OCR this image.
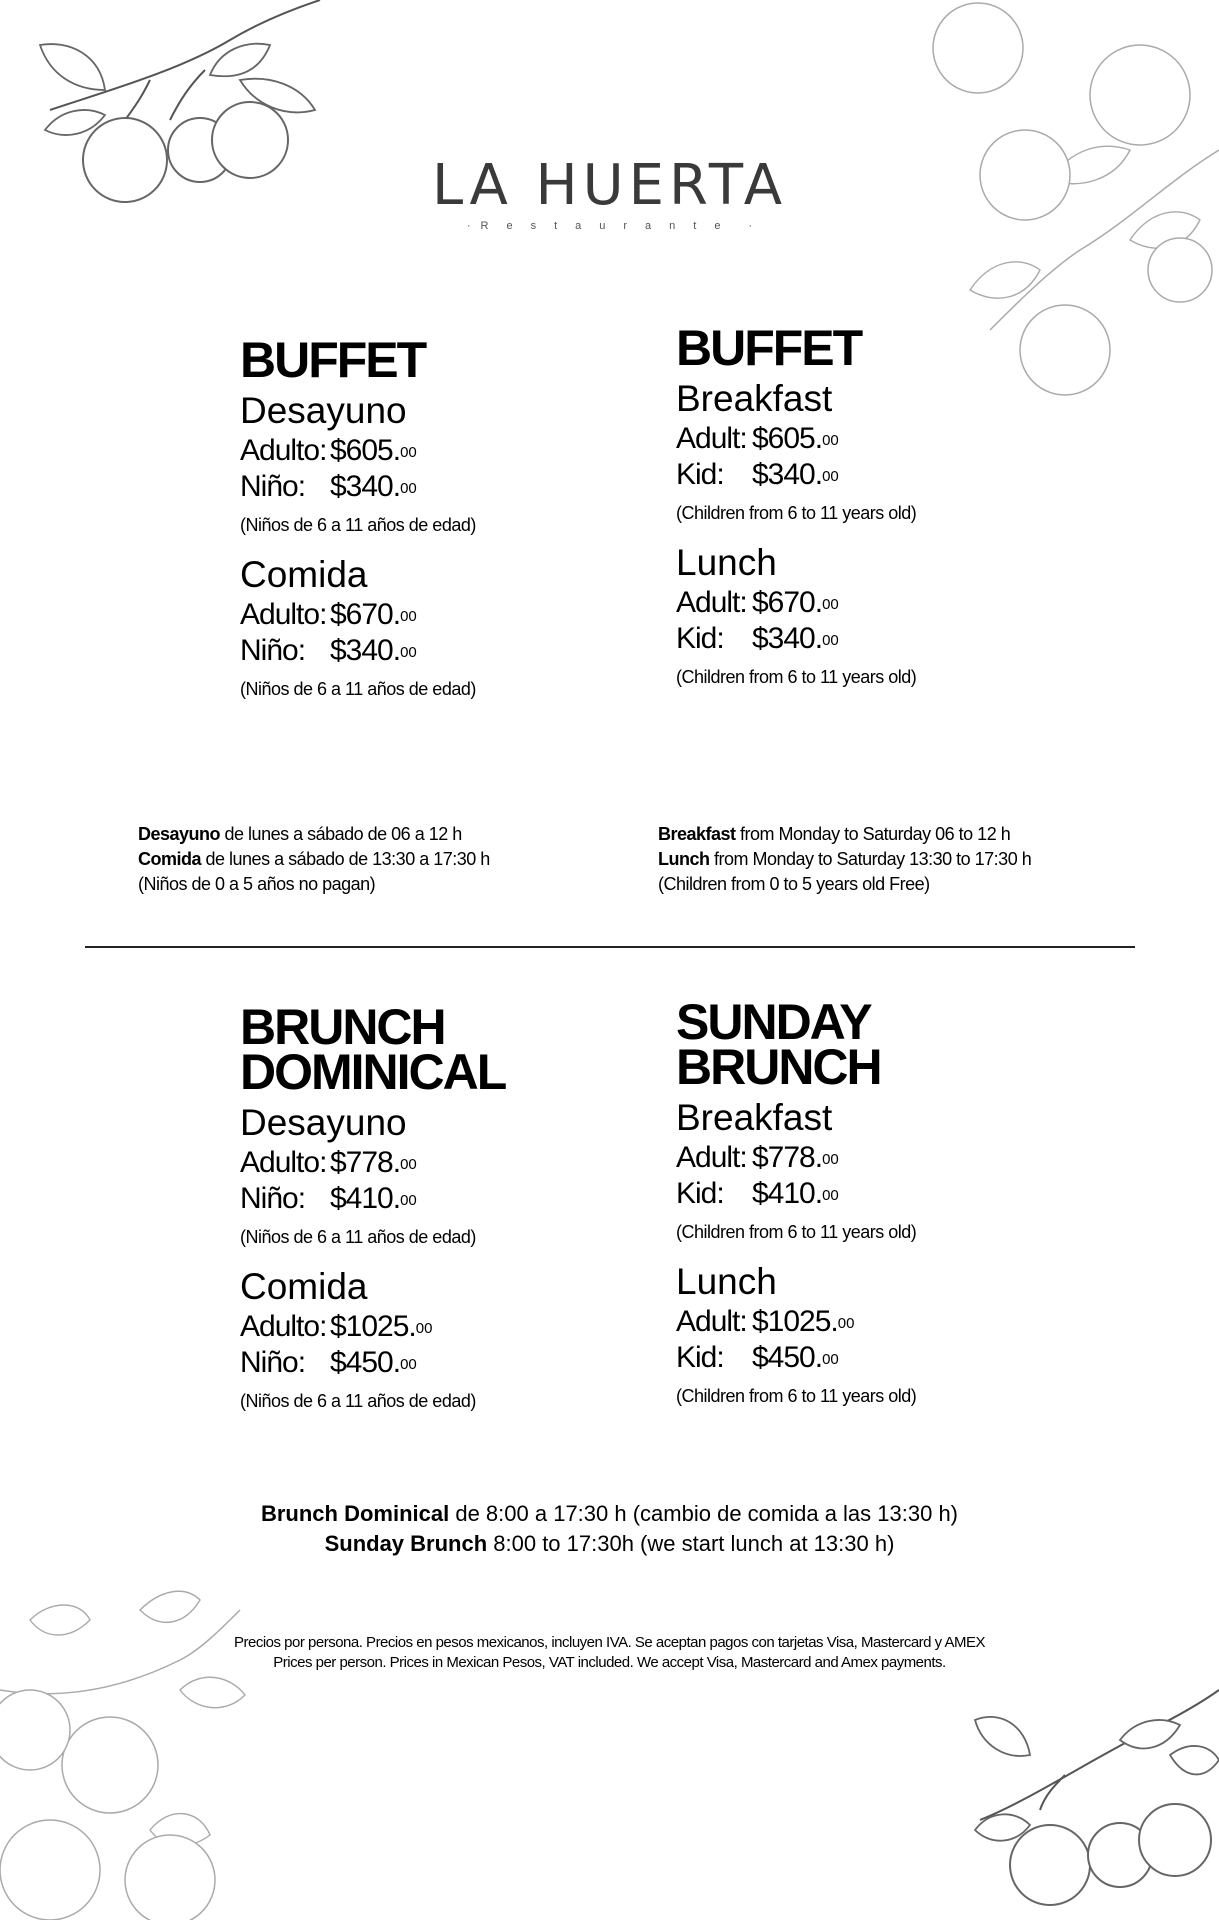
LA HUERTA
· Restaurante ·
BUFFET
Desayuno
Adulto: $605.00
Niño: $340.00
(Niños de 6 a 11 años de edad)
Comida
Adulto: $670.00
Niño: $340.00
(Niños de 6 a 11 años de edad)
BUFFET
Breakfast
Adult: $605.00
Kid: $340.00
(Children from 6 to 11 years old)
Lunch
Adult: $670.00
Kid: $340.00
(Children from 6 to 11 years old)
Desayuno de lunes a sábado de 06 a 12 h
Comida de lunes a sábado de 13:30 a 17:30 h
(Niños de 0 a 5 años no pagan)
Breakfast from Monday to Saturday 06 to 12 h
Lunch from Monday to Saturday 13:30 to 17:30 h
(Children from 0 to 5 years old Free)
BRUNCH
DOMINICAL
Desayuno
Adulto: $778.00
Niño: $410.00
(Niños de 6 a 11 años de edad)
Comida
Adulto: $1025.00
Niño: $450.00
(Niños de 6 a 11 años de edad)
SUNDAY
BRUNCH
Breakfast
Adult: $778.00
Kid: $410.00
(Children from 6 to 11 years old)
Lunch
Adult: $1025.00
Kid: $450.00
(Children from 6 to 11 years old)
Brunch Dominical de 8:00 a 17:30 h (cambio de comida a las 13:30 h)
Sunday Brunch 8:00 to 17:30h (we start lunch at 13:30 h)
Precios por persona. Precios en pesos mexicanos, incluyen IVA. Se aceptan pagos con tarjetas Visa, Mastercard y AMEX
Prices per person. Prices in Mexican Pesos, VAT included. We accept Visa, Mastercard and Amex payments.
